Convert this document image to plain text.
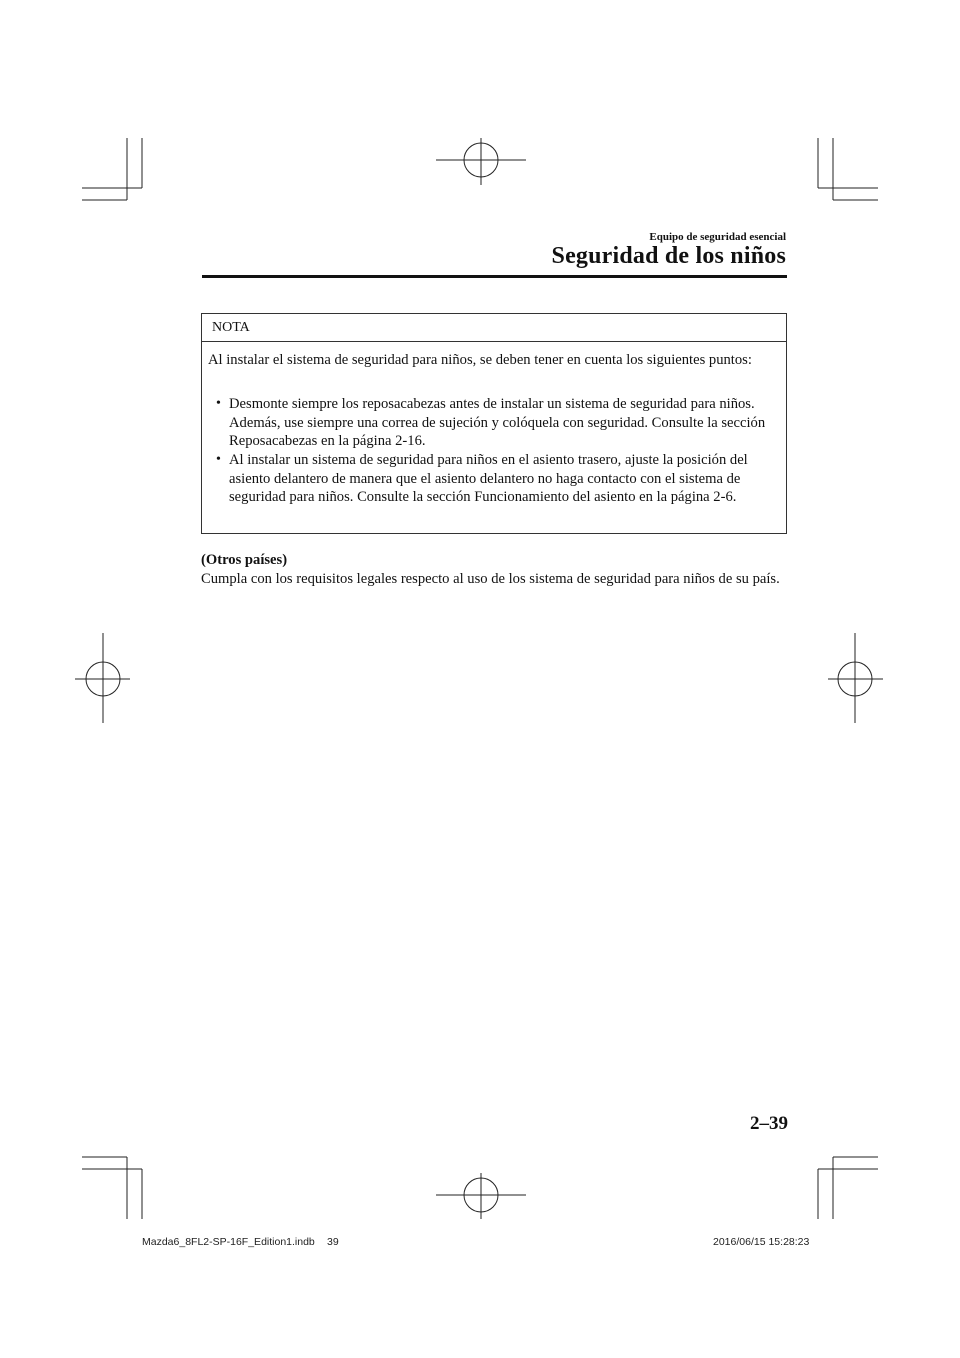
Equipo de seguridad esencial
Seguridad de los niños
NOTA
Al instalar el sistema de seguridad para niños, se deben tener en cuenta los siguientes puntos:
• Desmonte siempre los reposacabezas antes de instalar un sistema de seguridad para niños. Además, use siempre una correa de sujeción y colóquela con seguridad. Consulte la sección Reposacabezas en la página 2-16.
• Al instalar un sistema de seguridad para niños en el asiento trasero, ajuste la posición del asiento delantero de manera que el asiento delantero no haga contacto con el sistema de seguridad para niños. Consulte la sección Funcionamiento del asiento en la página 2-6.
(Otros países)
Cumpla con los requisitos legales respecto al uso de los sistema de seguridad para niños de su país.
2–39
Mazda6_8FL2-SP-16F_Edition1.indb 39	2016/06/15 15:28:23
